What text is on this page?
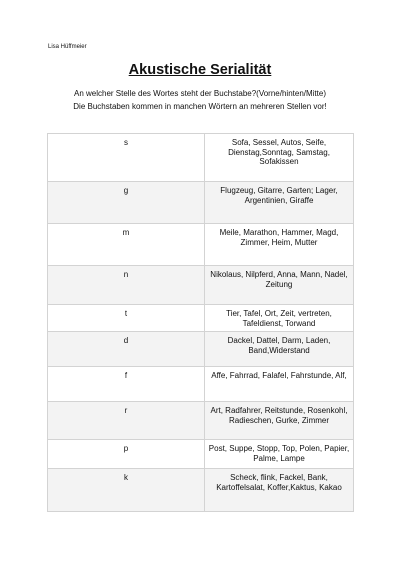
Lisa Hüffmeier
Akustische Serialität
An welcher Stelle des Wortes steht der Buchstabe?(Vorne/hinten/Mitte)
Die Buchstaben kommen in manchen Wörtern an mehreren Stellen vor!
s	Sofa, Sessel, Autos, Seife, Dienstag,Sonntag, Samstag, Sofakissen
g	Flugzeug, Gitarre, Garten; Lager, Argentinien, Giraffe
m	Meile, Marathon, Hammer, Magd, Zimmer, Heim, Mutter
n	Nikolaus, Nilpferd, Anna, Mann, Nadel, Zeitung
t	Tier, Tafel, Ort, Zeit, vertreten, Tafeldienst, Torwand
d	Dackel, Dattel, Darm, Laden, Band,Widerstand
f	Affe, Fahrrad, Falafel, Fahrstunde, Alf,
r	Art, Radfahrer, Reitstunde, Rosenkohl, Radieschen, Gurke, Zimmer
p	Post, Suppe, Stopp, Top, Polen, Papier, Palme, Lampe
k	Scheck, flink, Fackel, Bank, Kartoffelsalat, Koffer,Kaktus, Kakao
